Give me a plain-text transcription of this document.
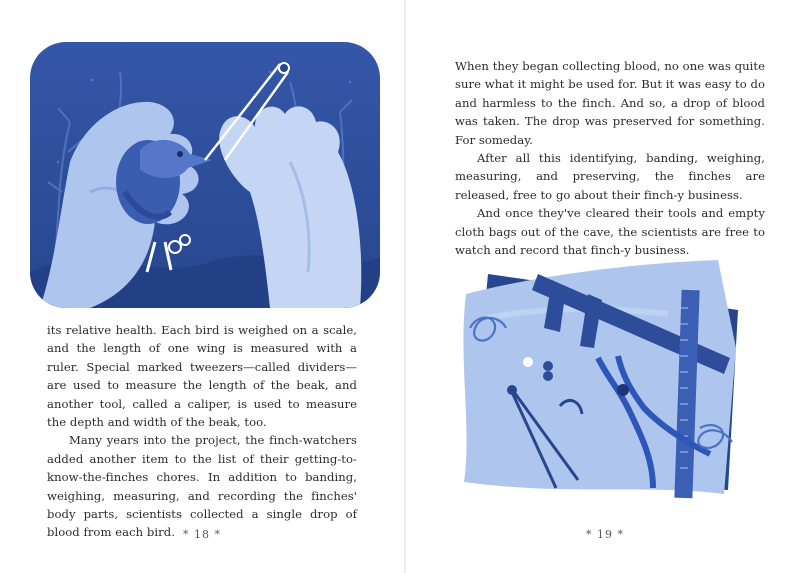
its relative health. Each bird is weighed on a scale, and the length of one wing is measured with a ruler. Special marked tweezers—called dividers—are used to measure the length of the beak, and another tool, called a caliper, is used to measure the depth and width of the beak, too.

Many years into the project, the finch-watchers added another item to the list of their getting-to-know-the-finches chores. In addition to banding, weighing, measuring, and recording the finches' body parts, scientists collected a single drop of blood from each bird. * 18 *

When they began collecting blood, no one was quite sure what it might be used for. But it was easy to do and harmless to the finch. And so, a drop of blood was taken. The drop was preserved for something. For someday.

After all this identifying, banding, weighing, measuring, and preserving, the finches are released, free to go about their finch-y business.

And once they've cleared their tools and empty cloth bags out of the cave, the scientists are free to watch and record that finch-y business.

* 19 *
